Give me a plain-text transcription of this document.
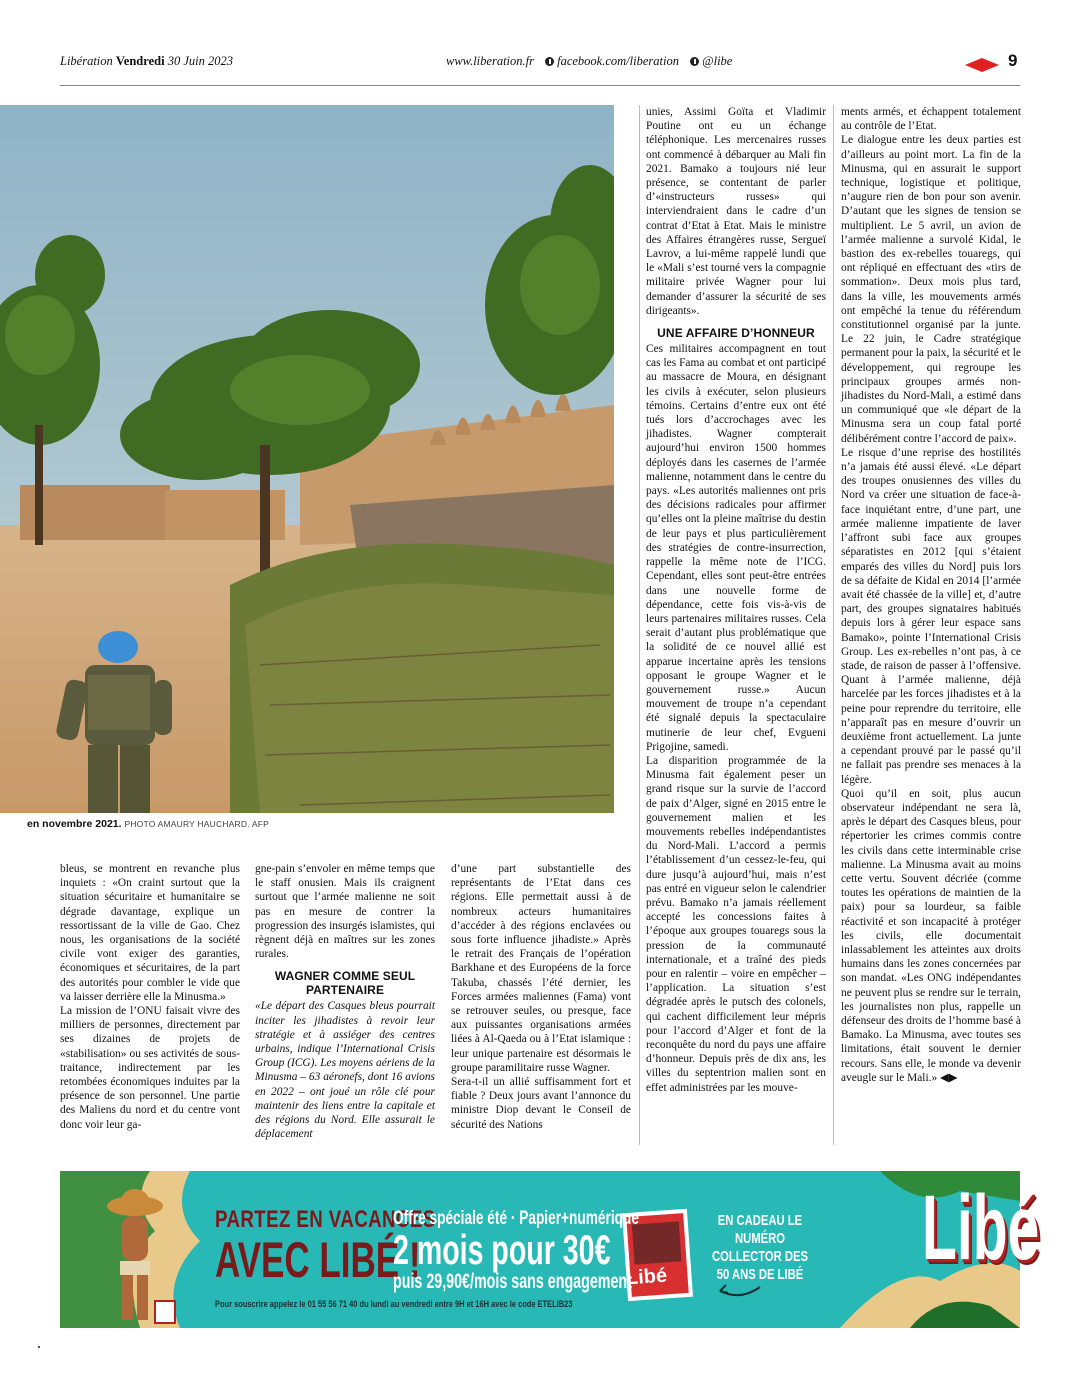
Libération Vendredi 30 Juin 2023	www.liberation.fr facebook.com/liberation @libe	9
en novembre 2021. PHOTO AMAURY HAUCHARD. AFP

bleus, se montrent en revanche plus inquiets : «On craint surtout que la situation sécuritaire et humanitaire se dégrade davantage, explique un ressortissant de la ville de Gao. Chez nous, les organisations de la société civile vont exiger des garanties, économiques et sécuritaires, de la part des autorités pour combler le vide que va laisser derrière elle la Minusma.»

La mission de l’ONU faisait vivre des milliers de personnes, directement par ses dizaines de projets de «stabilisation» ou ses activités de sous-traitance, indirectement par les retombées économiques induites par la présence de son personnel. Une partie des Maliens du nord et du centre vont donc voir leur ga-

gne-pain s’envoler en même temps que le staff onusien. Mais ils craignent surtout que l’armée malienne ne soit pas en mesure de contrer la progression des insurgés islamistes, qui règnent déjà en maîtres sur les zones rurales.

WAGNER COMME SEUL PARTENAIRE

«Le départ des Casques bleus pourrait inciter les jihadistes à revoir leur stratégie et à assiéger des centres urbains, indique l’International Crisis Group (ICG). Les moyens aériens de la Minusma – 63 aéronefs, dont 16 avions en 2022 – ont joué un rôle clé pour maintenir des liens entre la capitale et des régions du Nord. Elle assurait le déplacement

d’une part substantielle des représentants de l’Etat dans ces régions. Elle permettait aussi à de nombreux acteurs humanitaires d’accéder à des régions enclavées ou sous forte influence jihadiste.» Après le retrait des Français de l’opération Barkhane et des Européens de la force Takuba, chassés l’été dernier, les Forces armées maliennes (Fama) vont se retrouver seules, ou presque, face aux puissantes organisations armées liées à Al-Qaeda ou à l’Etat islamique : leur unique partenaire est désormais le groupe paramilitaire russe Wagner.

Sera-t-il un allié suffisamment fort et fiable ? Deux jours avant l’annonce du ministre Diop devant le Conseil de sécurité des Nations

unies, Assimi Goïta et Vladimir Poutine ont eu un échange téléphonique. Les mercenaires russes ont commencé à débarquer au Mali fin 2021. Bamako a toujours nié leur présence, se contentant de parler d’«instructeurs russes» qui interviendraient dans le cadre d’un contrat d’Etat à Etat. Mais le ministre des Affaires étrangères russe, Sergueï Lavrov, a lui-même rappelé lundi que le «Mali s’est tourné vers la compagnie militaire privée Wagner pour lui demander d’assurer la sécurité de ses dirigeants».

UNE AFFAIRE D’HONNEUR

Ces militaires accompagnent en tout cas les Fama au combat et ont participé au massacre de Moura, en désignant les civils à exécuter, selon plusieurs témoins. Certains d’entre eux ont été tués lors d’accrochages avec les jihadistes. Wagner compterait aujourd’hui environ 1500 hommes déployés dans les casernes de l’armée malienne, notamment dans le centre du pays. «Les autorités maliennes ont pris des décisions radicales pour affirmer qu’elles ont la pleine maîtrise du destin de leur pays et plus particulièrement des stratégies de contre-insurrection, rappelle la même note de l’ICG. Cependant, elles sont peut-être entrées dans une nouvelle forme de dépendance, cette fois vis-à-vis de leurs partenaires militaires russes. Cela serait d’autant plus problématique que la solidité de ce nouvel allié est apparue incertaine après les tensions opposant le groupe Wagner et le gouvernement russe.» Aucun mouvement de troupe n’a cependant été signalé depuis la spectaculaire mutinerie de leur chef, Evgueni Prigojine, samedi.

La disparition programmée de la Minusma fait également peser un grand risque sur la survie de l’accord de paix d’Alger, signé en 2015 entre le gouvernement malien et les mouvements rebelles indépendantistes du Nord-Mali. L’accord a permis l’établissement d’un cessez-le-feu, qui dure jusqu’à aujourd’hui, mais n’est pas entré en vigueur selon le calendrier prévu. Bamako n’a jamais réellement accepté les concessions faites à l’époque aux groupes touaregs sous la pression de la communauté internationale, et a traîné des pieds pour en ralentir – voire en empêcher – l’application. La situation s’est dégradée après le putsch des colonels, qui cachent difficilement leur mépris pour l’accord d’Alger et font de la reconquête du nord du pays une affaire d’honneur. Depuis près de dix ans, les villes du septentrion malien sont en effet administrées par les mouve-

ments armés, et échappent totalement au contrôle de l’Etat.

Le dialogue entre les deux parties est d’ailleurs au point mort. La fin de la Minusma, qui en assurait le support technique, logistique et politique, n’augure rien de bon pour son avenir. D’autant que les signes de tension se multiplient. Le 5 avril, un avion de l’armée malienne a survolé Kidal, le bastion des ex-rebelles touaregs, qui ont répliqué en effectuant des «tirs de sommation». Deux mois plus tard, dans la ville, les mouvements armés ont empêché la tenue du référendum constitutionnel organisé par la junte. Le 22 juin, le Cadre stratégique permanent pour la paix, la sécurité et le développement, qui regroupe les principaux groupes armés non-jihadistes du Nord-Mali, a estimé dans un communiqué que «le départ de la Minusma sera un coup fatal porté délibérément contre l’accord de paix».

Le risque d’une reprise des hostilités n’a jamais été aussi élevé. «Le départ des troupes onusiennes des villes du Nord va créer une situation de face-à-face inquiétant entre, d’une part, une armée malienne impatiente de laver l’affront subi face aux groupes séparatistes en 2012 [qui s’étaient emparés des villes du Nord] puis lors de sa défaite de Kidal en 2014 [l’armée avait été chassée de la ville] et, d’autre part, des groupes signataires habitués depuis lors à gérer leur espace sans Bamako», pointe l’International Crisis Group. Les ex-rebelles n’ont pas, à ce stade, de raison de passer à l’offensive. Quant à l’armée malienne, déjà harcelée par les forces jihadistes et à la peine pour reprendre du territoire, elle n’apparaît pas en mesure d’ouvrir un deuxième front actuellement. La junte a cependant prouvé par le passé qu’il ne fallait pas prendre ses menaces à la légère.

Quoi qu’il en soit, plus aucun observateur indépendant ne sera là, après le départ des Casques bleus, pour répertorier les crimes commis contre les civils dans cette interminable crise malienne. La Minusma avait au moins cette vertu. Souvent décriée (comme toutes les opérations de maintien de la paix) pour sa lourdeur, sa faible réactivité et son incapacité à protéger les civils, elle documentait inlassablement les atteintes aux droits humains dans les zones concernées par son mandat. «Les ONG indépendantes ne peuvent plus se rendre sur le terrain, les journalistes non plus, rappelle un défenseur des droits de l’homme basé à Bamako. La Minusma, avec toutes ses limitations, était souvent le dernier recours. Sans elle, le monde va devenir aveugle sur le Mali.» ◀▶

Libé
PARTEZ EN VACANCES
AVEC LIBÉ !
Offre spéciale été · Papier+numérique
2 mois pour 30€
puis 29,90€/mois sans engagement
Pour souscrire appelez le 01 55 56 71 40 du lundi au vendredi entre 9H et 16H avec le code ETELIB23
EN CADEAU LE NUMÉRO COLLECTOR DES 50 ANS DE LIBÉ Libé
